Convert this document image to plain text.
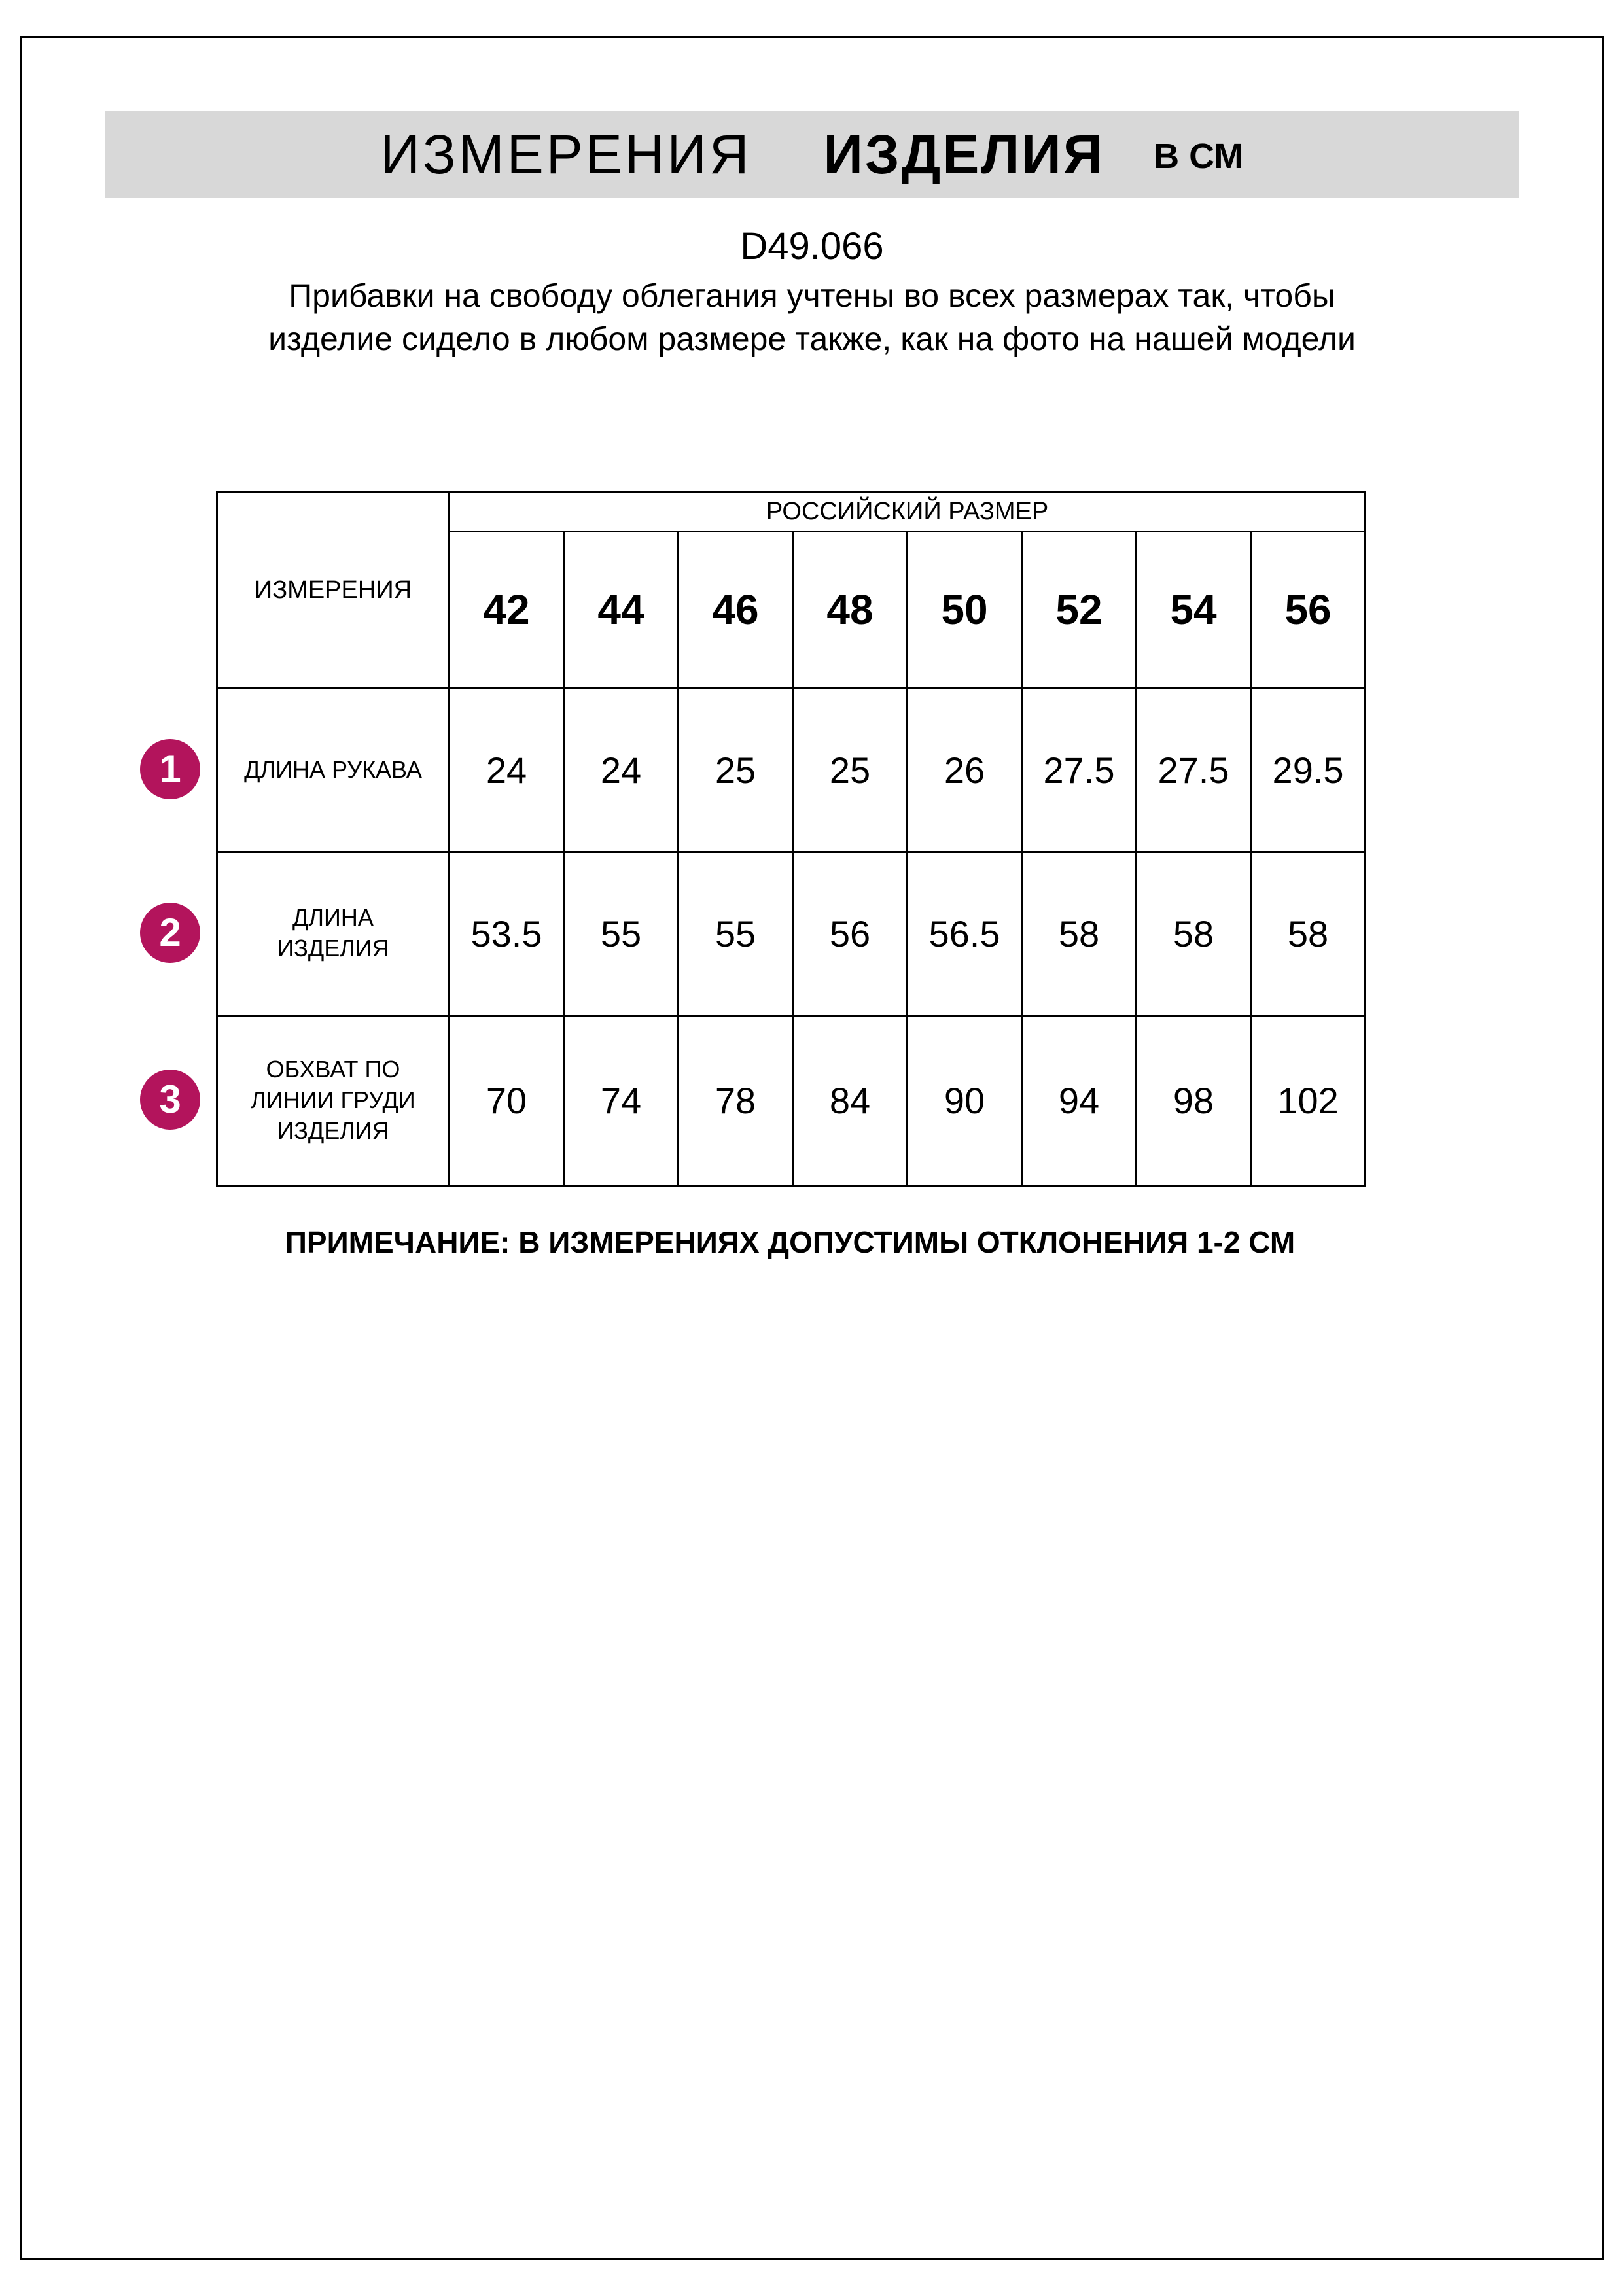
ИЗМЕРЕНИЯ ИЗДЕЛИЯ В СМ
D49.066

Прибавки на свободу облегания учтены во всех размерах так, чтобы изделие сидело в любом размере также, как на фото на нашей модели

1
2
3
ИЗМЕРЕНИЯ	РОССИЙСКИЙ РАЗМЕР							
	42	44	46	48	50	52	54	56
ДЛИНА РУКАВА	24	24	25	25	26	27.5	27.5	29.5
ДЛИНА ИЗДЕЛИЯ	53.5	55	55	56	56.5	58	58	58
ОБХВАТ ПО ЛИНИИ ГРУДИ ИЗДЕЛИЯ	70	74	78	84	90	94	98	102
ПРИМЕЧАНИЕ: В ИЗМЕРЕНИЯХ ДОПУСТИМЫ ОТКЛОНЕНИЯ 1-2 СМ
